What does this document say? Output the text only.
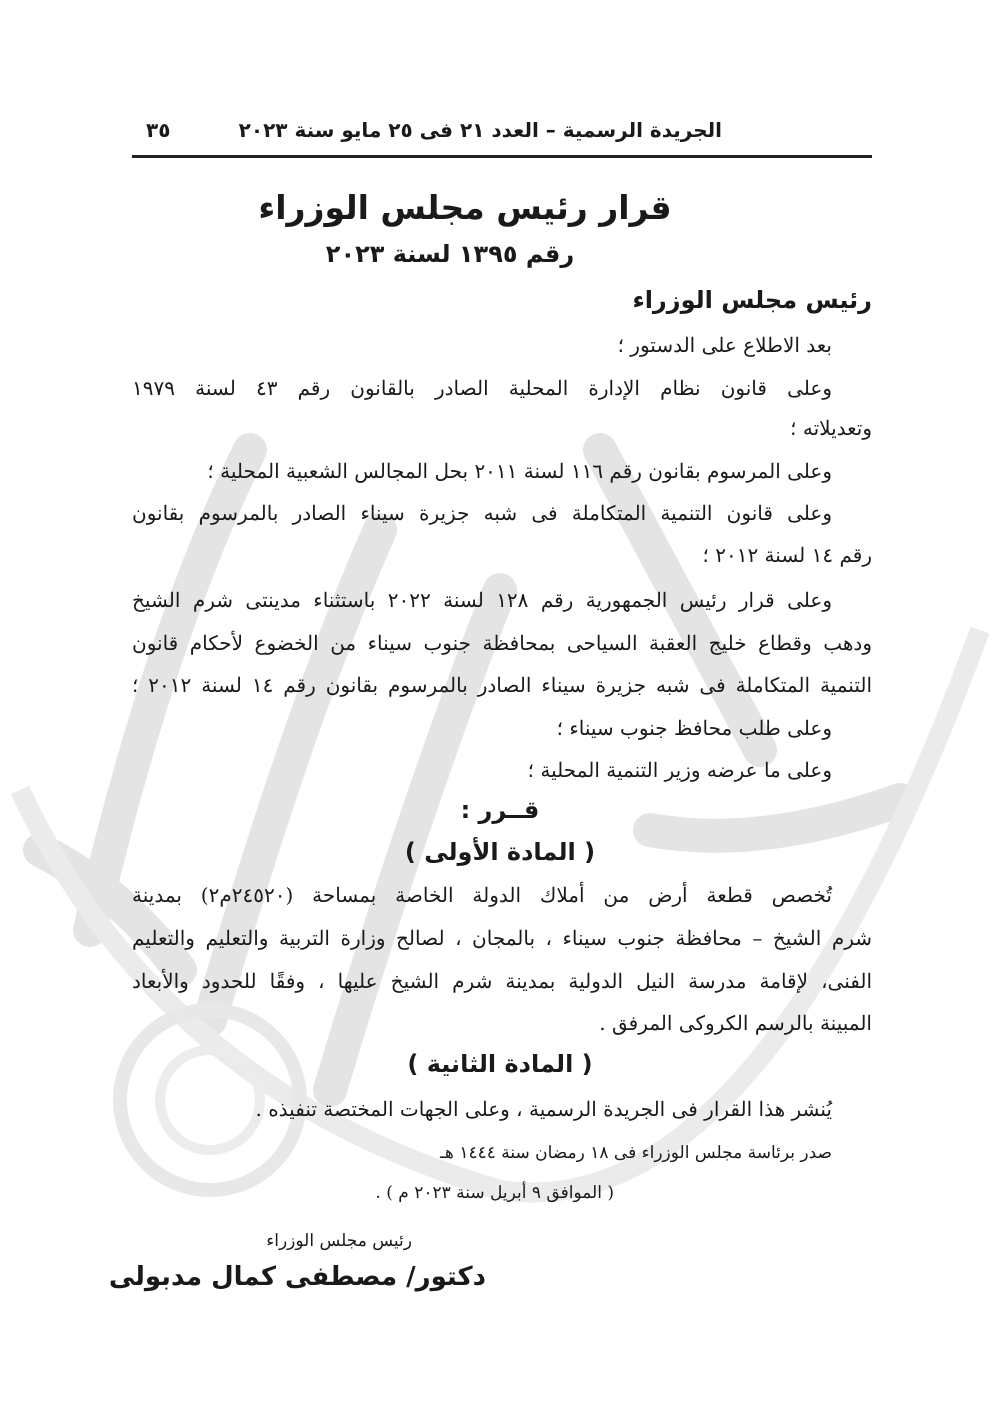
الجريدة الرسمية – العدد ٢١ فى ٢٥ مايو سنة ٢٠٢٣
٣٥
قرار رئيس مجلس الوزراء
رقم ١٣٩٥ لسنة ٢٠٢٣
رئيس مجلس الوزراء
بعد الاطلاع على الدستور ؛
وعلى قانون نظام الإدارة المحلية الصادر بالقانون رقم ٤٣ لسنة ١٩٧٩
وتعديلاته ؛
وعلى المرسوم بقانون رقم ١١٦ لسنة ٢٠١١ بحل المجالس الشعبية المحلية ؛
وعلى قانون التنمية المتكاملة فى شبه جزيرة سيناء الصادر بالمرسوم بقانون
رقم ١٤ لسنة ٢٠١٢ ؛
وعلى قرار رئيس الجمهورية رقم ١٢٨ لسنة ٢٠٢٢ باستثناء مدينتى شرم الشيخ
ودهب وقطاع خليج العقبة السياحى بمحافظة جنوب سيناء من الخضوع لأحكام قانون
التنمية المتكاملة فى شبه جزيرة سيناء الصادر بالمرسوم بقانون رقم ١٤ لسنة ٢٠١٢ ؛
وعلى طلب محافظ جنوب سيناء ؛
وعلى ما عرضه وزير التنمية المحلية ؛
قــرر :
( المادة الأولى )
تُخصص قطعة أرض من أملاك الدولة الخاصة بمساحة (٢٤٥٢٠م٢) بمدينة
شرم الشيخ – محافظة جنوب سيناء ، بالمجان ، لصالح وزارة التربية والتعليم والتعليم
الفنى، لإقامة مدرسة النيل الدولية بمدينة شرم الشيخ عليها ، وفقًا للحدود والأبعاد
المبينة بالرسم الكروكى المرفق .
( المادة الثانية )
يُنشر هذا القرار فى الجريدة الرسمية ، وعلى الجهات المختصة تنفيذه .
صدر برئاسة مجلس الوزراء فى ١٨ رمضان سنة ١٤٤٤ هـ
( الموافق ٩ أبريل سنة ٢٠٢٣ م ) .
رئيس مجلس الوزراء
دكتور/ مصطفى كمال مدبولى
